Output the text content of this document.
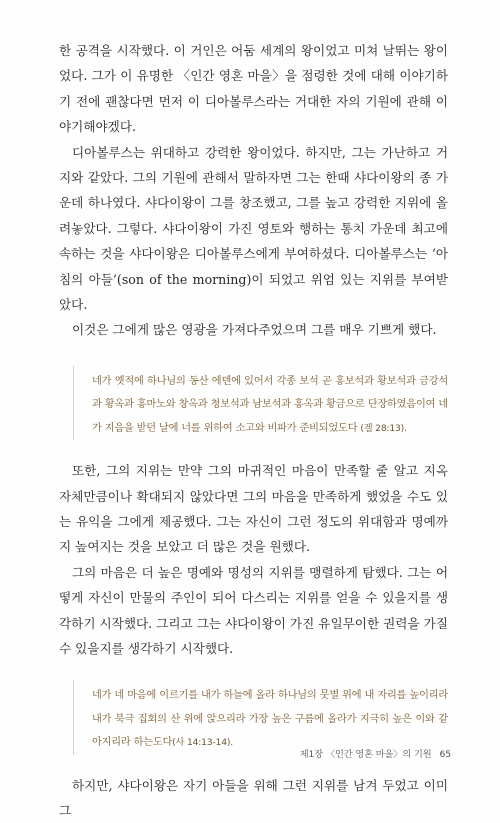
한 공격을 시작했다. 이 거인은 어둠 세계의 왕이었고 미쳐 날뛰는 왕이었다. 그가 이 유명한 〈인간 영혼 마을〉을 점령한 것에 대해 이야기하기 전에 괜찮다면 먼저 이 디아볼루스라는 거대한 자의 기원에 관해 이야기해야겠다.

디아볼루스는 위대하고 강력한 왕이었다. 하지만, 그는 가난하고 거지와 같았다. 그의 기원에 관해서 말하자면 그는 한때 샤다이왕의 종 가운데 하나였다. 샤다이왕이 그를 창조했고, 그를 높고 강력한 지위에 올려놓았다. 그렇다. 샤다이왕이 가진 영토와 행하는 통치 가운데 최고에 속하는 것을 샤다이왕은 디아볼루스에게 부여하셨다. 디아볼루스는 ‘아침의 아들’(son of the morning)이 되었고 위엄 있는 지위를 부여받았다.

이것은 그에게 많은 영광을 가져다주었으며 그를 매우 기쁘게 했다.

네가 옛적에 하나님의 동산 에덴에 있어서 각종 보석 곧 홍보석과 황보석과 금강석과 황옥과 홍마노와 창옥과 청보석과 남보석과 홍옥과 황금으로 단장하였음이여 네가 지음을 받던 날에 너를 위하여 소고와 비파가 준비되었도다 (겔 28:13).

또한, 그의 지위는 만약 그의 마귀적인 마음이 만족할 줄 알고 지옥 자체만큼이나 확대되지 않았다면 그의 마음을 만족하게 했었을 수도 있는 유익을 그에게 제공했다. 그는 자신이 그런 정도의 위대함과 명예까지 높여지는 것을 보았고 더 많은 것을 원했다.

그의 마음은 더 높은 명예와 명성의 지위를 맹렬하게 탐했다. 그는 어떻게 자신이 만물의 주인이 되어 다스리는 지위를 얻을 수 있을지를 생각하기 시작했다. 그리고 그는 샤다이왕이 가진 유일무이한 권력을 가질 수 있을지를 생각하기 시작했다.

네가 네 마음에 이르기를 내가 하늘에 올라 하나님의 뭇별 위에 내 자리를 높이리라 내가 북극 집회의 산 위에 앉으리라 가장 높은 구름에 올라가 지극히 높은 이와 같아지리라 하는도다(사 14:13-14).

하지만, 샤다이왕은 자기 아들을 위해 그런 지위를 남겨 두었고 이미 그

제1장 〈인간 영혼 마을〉의 기원 65
